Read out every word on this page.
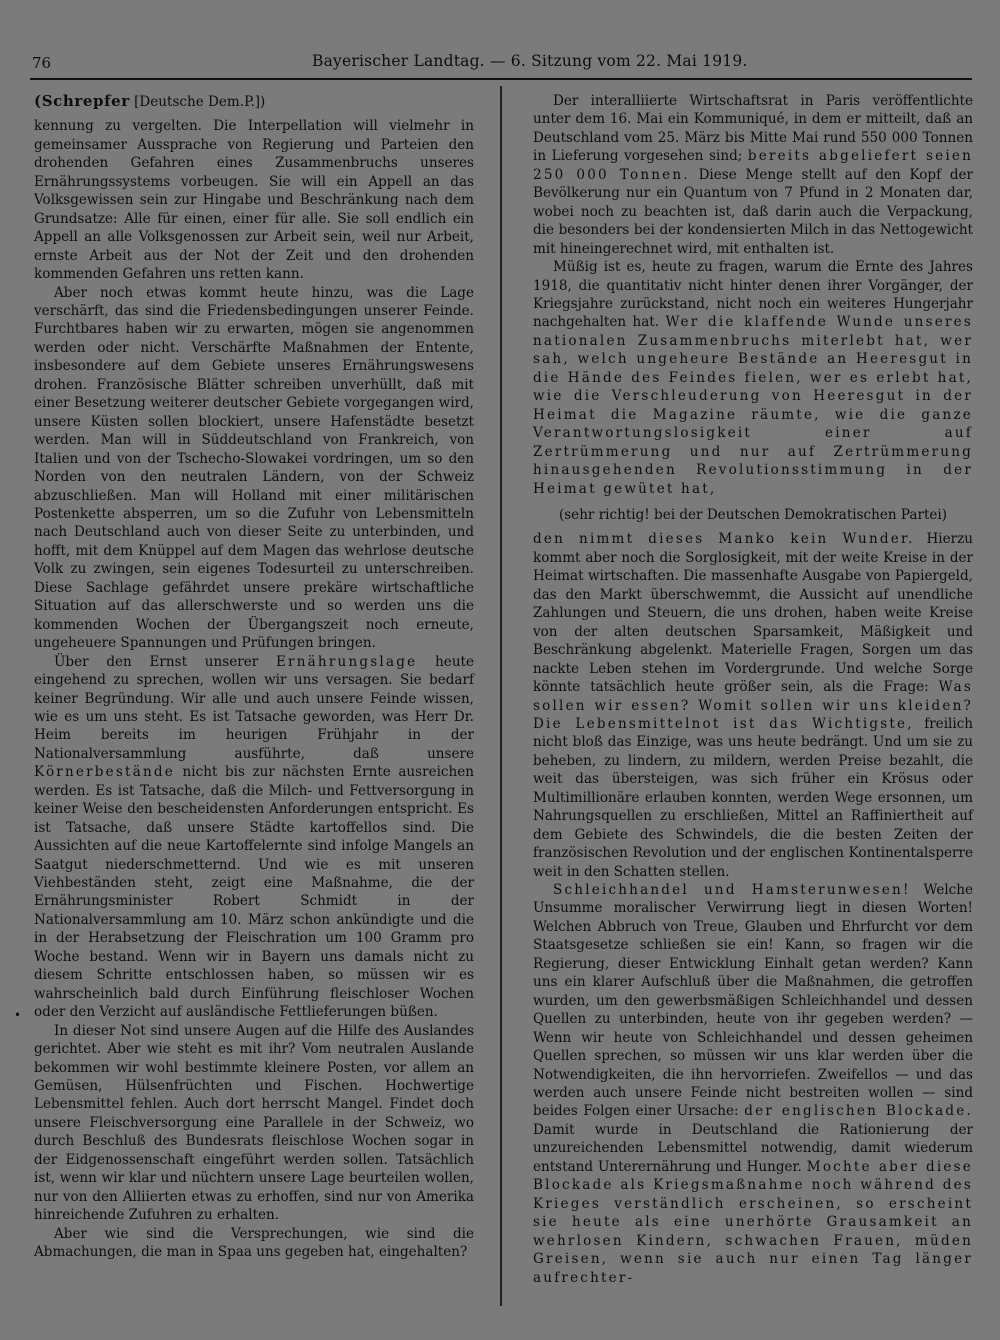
76	Bayerischer Landtag. — 6. Sitzung vom 22. Mai 1919.
•
(Schrepfer [Deutsche Dem.P.])

kennung zu vergelten. Die Interpellation will vielmehr in gemeinsamer Aussprache von Regierung und Parteien den drohenden Gefahren eines Zusammenbruchs unseres Ernährungssystems vorbeugen. Sie will ein Appell an das Volksgewissen sein zur Hingabe und Beschränkung nach dem Grundsatze: Alle für einen, einer für alle. Sie soll endlich ein Appell an alle Volksgenossen zur Arbeit sein, weil nur Arbeit, ernste Arbeit aus der Not der Zeit und den drohenden kommenden Gefahren uns retten kann.

Aber noch etwas kommt heute hinzu, was die Lage verschärft, das sind die Friedensbedingungen unserer Feinde. Furchtbares haben wir zu erwarten, mögen sie angenommen werden oder nicht. Verschärfte Maßnahmen der Entente, insbesondere auf dem Gebiete unseres Ernährungswesens drohen. Französische Blätter schreiben unverhüllt, daß mit einer Besetzung weiterer deutscher Gebiete vorgegangen wird, unsere Küsten sollen blockiert, unsere Hafenstädte besetzt werden. Man will in Süddeutschland von Frankreich, von Italien und von der Tschecho-Slowakei vordringen, um so den Norden von den neutralen Ländern, von der Schweiz abzuschließen. Man will Holland mit einer militärischen Postenkette absperren, um so die Zufuhr von Lebensmitteln nach Deutschland auch von dieser Seite zu unterbinden, und hofft, mit dem Knüppel auf dem Magen das wehrlose deutsche Volk zu zwingen, sein eigenes Todesurteil zu unterschreiben. Diese Sachlage gefährdet unsere prekäre wirtschaftliche Situation auf das allerschwerste und so werden uns die kommenden Wochen der Übergangszeit noch erneute, ungeheuere Spannungen und Prüfungen bringen.

Über den Ernst unserer Ernährungslage heute eingehend zu sprechen, wollen wir uns versagen. Sie bedarf keiner Begründung. Wir alle und auch unsere Feinde wissen, wie es um uns steht. Es ist Tatsache geworden, was Herr Dr. Heim bereits im heurigen Frühjahr in der Nationalversammlung ausführte, daß unsere Körnerbestände nicht bis zur nächsten Ernte ausreichen werden. Es ist Tatsache, daß die Milch- und Fettversorgung in keiner Weise den bescheidensten Anforderungen entspricht. Es ist Tatsache, daß unsere Städte kartoffellos sind. Die Aussichten auf die neue Kartoffelernte sind infolge Mangels an Saatgut niederschmetternd. Und wie es mit unseren Viehbeständen steht, zeigt eine Maßnahme, die der Ernährungsminister Robert Schmidt in der Nationalversammlung am 10. März schon ankündigte und die in der Herabsetzung der Fleischration um 100 Gramm pro Woche bestand. Wenn wir in Bayern uns damals nicht zu diesem Schritte entschlossen haben, so müssen wir es wahrscheinlich bald durch Einführung fleischloser Wochen oder den Verzicht auf ausländische Fettlieferungen büßen.

In dieser Not sind unsere Augen auf die Hilfe des Auslandes gerichtet. Aber wie steht es mit ihr? Vom neutralen Auslande bekommen wir wohl bestimmte kleinere Posten, vor allem an Gemüsen, Hülsenfrüchten und Fischen. Hochwertige Lebensmittel fehlen. Auch dort herrscht Mangel. Findet doch unsere Fleischversorgung eine Parallele in der Schweiz, wo durch Beschluß des Bundesrats fleischlose Wochen sogar in der Eidgenossenschaft eingeführt werden sollen. Tatsächlich ist, wenn wir klar und nüchtern unsere Lage beurteilen wollen, nur von den Alliierten etwas zu erhoffen, sind nur von Amerika hinreichende Zufuhren zu erhalten.

Aber wie sind die Versprechungen, wie sind die Abmachungen, die man in Spaa uns gegeben hat, eingehalten?

Der interalliierte Wirtschaftsrat in Paris veröffentlichte unter dem 16. Mai ein Kommuniqué, in dem er mitteilt, daß an Deutschland vom 25. März bis Mitte Mai rund 550 000 Tonnen in Lieferung vorgesehen sind; bereits abgeliefert seien 250 000 Tonnen. Diese Menge stellt auf den Kopf der Bevölkerung nur ein Quantum von 7 Pfund in 2 Monaten dar, wobei noch zu beachten ist, daß darin auch die Verpackung, die besonders bei der kondensierten Milch in das Nettogewicht mit hineingerechnet wird, mit enthalten ist.

Müßig ist es, heute zu fragen, warum die Ernte des Jahres 1918, die quantitativ nicht hinter denen ihrer Vorgänger, der Kriegsjahre zurückstand, nicht noch ein weiteres Hungerjahr nachgehalten hat. Wer die klaffende Wunde unseres nationalen Zusammenbruchs miterlebt hat, wer sah, welch ungeheure Bestände an Heeresgut in die Hände des Feindes fielen, wer es erlebt hat, wie die Verschleuderung von Heeresgut in der Heimat die Magazine räumte, wie die ganze Verantwortungslosigkeit einer auf Zertrümmerung und nur auf Zertrümmerung hinausgehenden Revolutionsstimmung in der Heimat gewütet hat,

(sehr richtig! bei der Deutschen Demokratischen Partei)

den nimmt dieses Manko kein Wunder. Hierzu kommt aber noch die Sorglosigkeit, mit der weite Kreise in der Heimat wirtschaften. Die massenhafte Ausgabe von Papiergeld, das den Markt überschwemmt, die Aussicht auf unendliche Zahlungen und Steuern, die uns drohen, haben weite Kreise von der alten deutschen Sparsamkeit, Mäßigkeit und Beschränkung abgelenkt. Materielle Fragen, Sorgen um das nackte Leben stehen im Vordergrunde. Und welche Sorge könnte tatsächlich heute größer sein, als die Frage: Was sollen wir essen? Womit sollen wir uns kleiden? Die Lebensmittelnot ist das Wichtigste, freilich nicht bloß das Einzige, was uns heute bedrängt. Und um sie zu beheben, zu lindern, zu mildern, werden Preise bezahlt, die weit das übersteigen, was sich früher ein Krösus oder Multimillionäre erlauben konnten, werden Wege ersonnen, um Nahrungsquellen zu erschließen, Mittel an Raffiniertheit auf dem Gebiete des Schwindels, die die besten Zeiten der französischen Revolution und der englischen Kontinentalsperre weit in den Schatten stellen.

Schleichhandel und Hamsterunwesen! Welche Unsumme moralischer Verwirrung liegt in diesen Worten! Welchen Abbruch von Treue, Glauben und Ehrfurcht vor dem Staatsgesetze schließen sie ein! Kann, so fragen wir die Regierung, dieser Entwicklung Einhalt getan werden? Kann uns ein klarer Aufschluß über die Maßnahmen, die getroffen wurden, um den gewerbsmäßigen Schleichhandel und dessen Quellen zu unterbinden, heute von ihr gegeben werden? — Wenn wir heute von Schleichhandel und dessen geheimen Quellen sprechen, so müssen wir uns klar werden über die Notwendigkeiten, die ihn hervorriefen. Zweifellos — und das werden auch unsere Feinde nicht bestreiten wollen — sind beides Folgen einer Ursache: der englischen Blockade. Damit wurde in Deutschland die Rationierung der unzureichenden Lebensmittel notwendig, damit wiederum entstand Unterernährung und Hunger. Mochte aber diese Blockade als Kriegsmaßnahme noch während des Krieges verständlich erscheinen, so erscheint sie heute als eine unerhörte Grausamkeit an wehrlosen Kindern, schwachen Frauen, müden Greisen, wenn sie auch nur einen Tag länger aufrechter-
